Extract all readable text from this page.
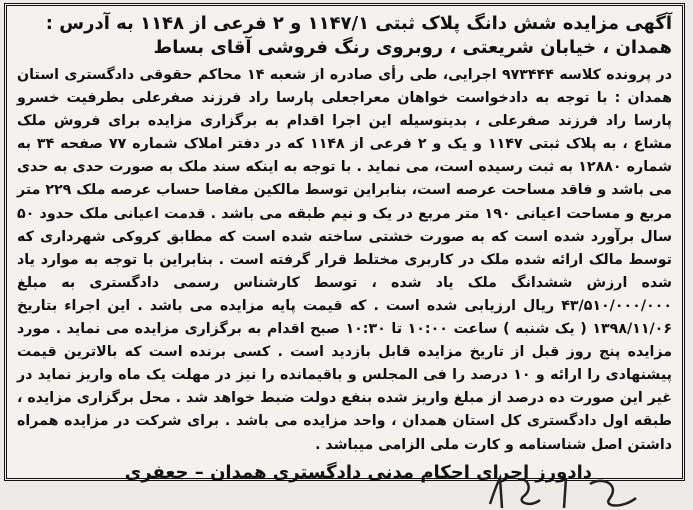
آگهی مزایده شش دانگ پلاک ثبتی ۱۱۴۷/۱ و ۲ فرعی از ۱۱۴۸ به آدرس : همدان ، خیابان شریعتی ، روبروی رنگ فروشی آقای بساط

در پرونده کلاسه ۹۷۳۴۴۴ اجرایی، طی رأی صادره از شعبه ۱۴ محاکم حقوقی دادگستری استان همدان : با توجه به دادخواست خواهان معراجعلی پارسا راد فرزند صفرعلی بطرفیت خسرو پارسا راد فرزند صفرعلی ، بدینوسیله این اجرا اقدام به برگزاری مزایده برای فروش ملک مشاع ، به پلاک ثبتی ۱۱۴۷ و یک و ۲ فرعی از ۱۱۴۸ که در دفتر املاک شماره ۷۷ صفحه ۳۴ به شماره ۱۲۸۸۰ به ثبت رسیده است، می نماید . با توجه به اینکه سند ملک به صورت حدی به حدی می باشد و فاقد مساحت عرصه است، بنابراین توسط مالکین مفاصا حساب عرصه ملک ۲۲۹ متر مربع و مساحت اعیانی ۱۹۰ متر مربع در یک و نیم طبقه می باشد . قدمت اعیانی ملک حدود ۵۰ سال برآورد شده است که به صورت خشتی ساخته شده است که مطابق کروکی شهرداری که توسط مالک ارائه شده ملک در کاربری مختلط قرار گرفته است . بنابراین با توجه به موارد یاد شده ارزش ششدانگ ملک یاد شده ، توسط کارشناس رسمی دادگستری به مبلغ ۴۳/۵۱۰/۰۰۰/۰۰۰ ریال ارزیابی شده است . که قیمت پایه مزایده می باشد . این اجراء بتاریخ ۱۳۹۸/۱۱/۰۶ ( یک شنبه ) ساعت ۱۰:۰۰ تا ۱۰:۳۰ صبح اقدام به برگزاری مزایده می نماید . مورد مزایده پنج روز قبل از تاریخ مزایده قابل بازدید است . کسی برنده است که بالاترین قیمت پیشنهادی را ارائه و ۱۰ درصد را فی المجلس و باقیمانده را نیز در مهلت یک ماه واریز نماید در غیر این صورت ده درصد از مبلغ واریز شده بنفع دولت ضبط خواهد شد . محل برگزاری مزایده ، طبقه اول دادگستری کل استان همدان ، واحد مزایده می باشد . برای شرکت در مزایده همراه داشتن اصل شناسنامه و کارت ملی الزامی میباشد .

دادورز اجرای احکام مدنی دادگستری همدان – جعفری
